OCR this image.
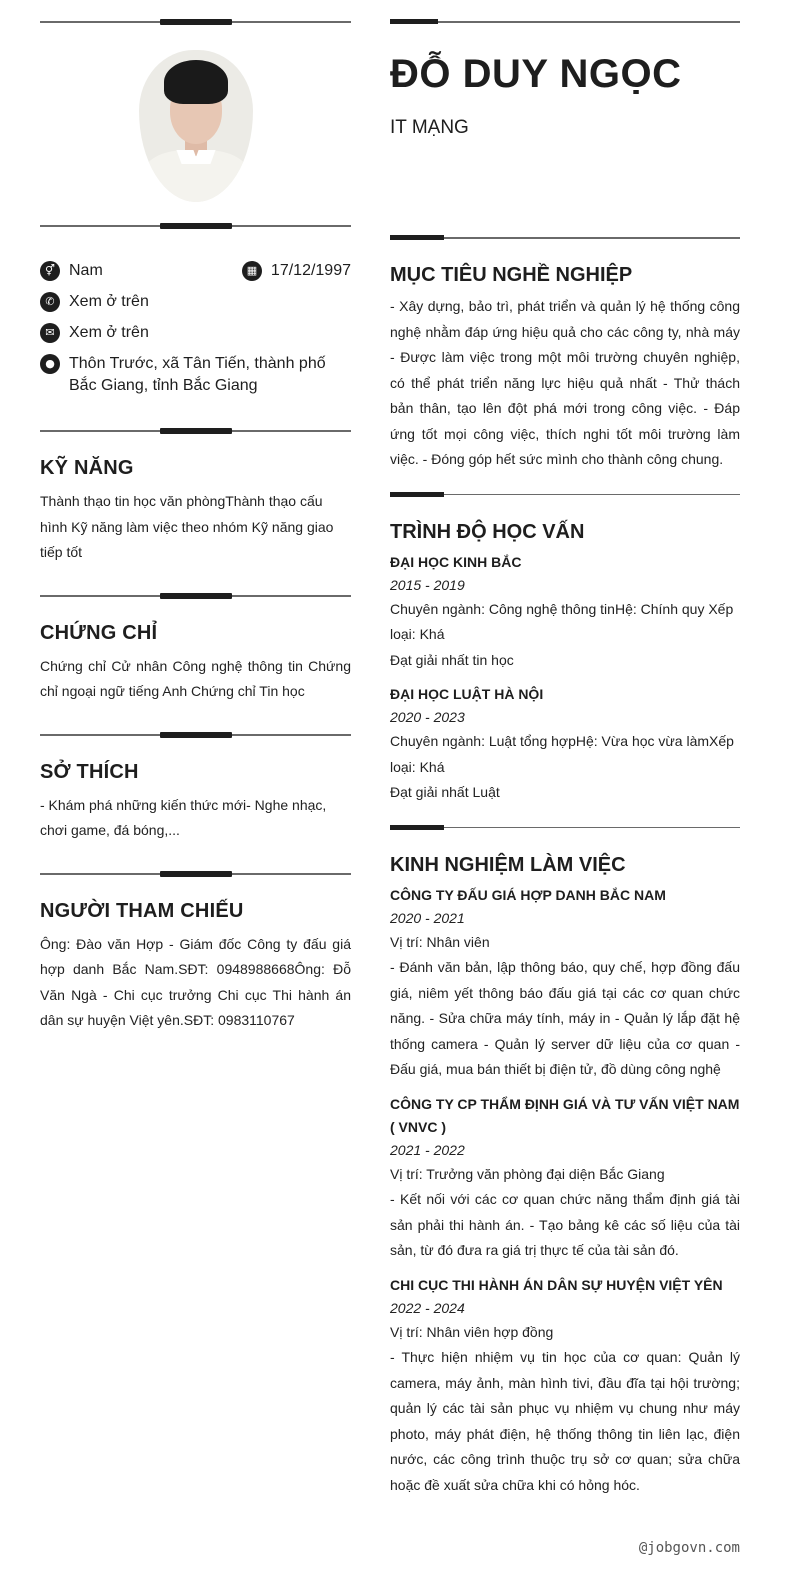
⚥ Nam	▦ 17/12/1997
✆ Xem ở trên
✉ Xem ở trên
● Thôn Trước, xã Tân Tiến, thành phố Bắc Giang, tỉnh Bắc Giang
KỸ NĂNG
Thành thạo tin học văn phòngThành thạo cấu hình Kỹ năng làm việc theo nhóm Kỹ năng giao tiếp tốt
CHỨNG CHỈ
Chứng chỉ Cử nhân Công nghệ thông tin Chứng chỉ ngoại ngữ tiếng Anh Chứng chỉ Tin học
SỞ THÍCH
- Khám phá những kiến thức mới- Nghe nhạc, chơi game, đá bóng,...
NGƯỜI THAM CHIẾU
Ông: Đào văn Hợp - Giám đốc Công ty đấu giá hợp danh Bắc Nam.SĐT: 0948988668Ông: Đỗ Văn Ngà - Chi cục trưởng Chi cục Thi hành án dân sự huyện Việt yên.SĐT: 0983110767
ĐỖ DUY NGỌC
IT MẠNG
MỤC TIÊU NGHỀ NGHIỆP
- Xây dựng, bảo trì, phát triển và quản lý hệ thống công nghệ nhằm đáp ứng hiệu quả cho các công ty, nhà máy - Được làm việc trong một môi trường chuyên nghiệp, có thể phát triển năng lực hiệu quả nhất - Thử thách bản thân, tạo lên đột phá mới trong công việc. - Đáp ứng tốt mọi công việc, thích nghi tốt môi trường làm việc. - Đóng góp hết sức mình cho thành công chung.
TRÌNH ĐỘ HỌC VẤN
ĐẠI HỌC KINH BẮC
2015 - 2019
Chuyên ngành: Công nghệ thông tinHệ: Chính quy Xếp loại: Khá
Đạt giải nhất tin học
ĐẠI HỌC LUẬT HÀ NỘI
2020 - 2023
Chuyên ngành: Luật tổng hợpHệ: Vừa học vừa làmXếp loại: Khá
Đạt giải nhất Luật
KINH NGHIỆM LÀM VIỆC
CÔNG TY ĐẤU GIÁ HỢP DANH BẮC NAM
2020 - 2021
Vị trí: Nhân viên
- Đánh văn bản, lập thông báo, quy chế, hợp đồng đấu giá, niêm yết thông báo đấu giá tại các cơ quan chức năng. - Sửa chữa máy tính, máy in - Quản lý lắp đặt hệ thống camera - Quản lý server dữ liệu của cơ quan - Đấu giá, mua bán thiết bị điện tử, đồ dùng công nghệ
CÔNG TY CP THẨM ĐỊNH GIÁ VÀ TƯ VẤN VIỆT NAM ( VNVC )
2021 - 2022
Vị trí: Trưởng văn phòng đại diện Bắc Giang
- Kết nối với các cơ quan chức năng thẩm định giá tài sản phải thi hành án. - Tạo bảng kê các số liệu của tài sản, từ đó đưa ra giá trị thực tế của tài sản đó.
CHI CỤC THI HÀNH ÁN DÂN SỰ HUYỆN VIỆT YÊN
2022 - 2024
Vị trí: Nhân viên hợp đồng
- Thực hiện nhiệm vụ tin học của cơ quan: Quản lý camera, máy ảnh, màn hình tivi, đầu đĩa tại hội trường; quản lý các tài sản phục vụ nhiệm vụ chung như máy photo, máy phát điện, hệ thống thông tin liên lạc, điện nước, các công trình thuộc trụ sở cơ quan; sửa chữa hoặc đề xuất sửa chữa khi có hỏng hóc.
@jobgovn.com
